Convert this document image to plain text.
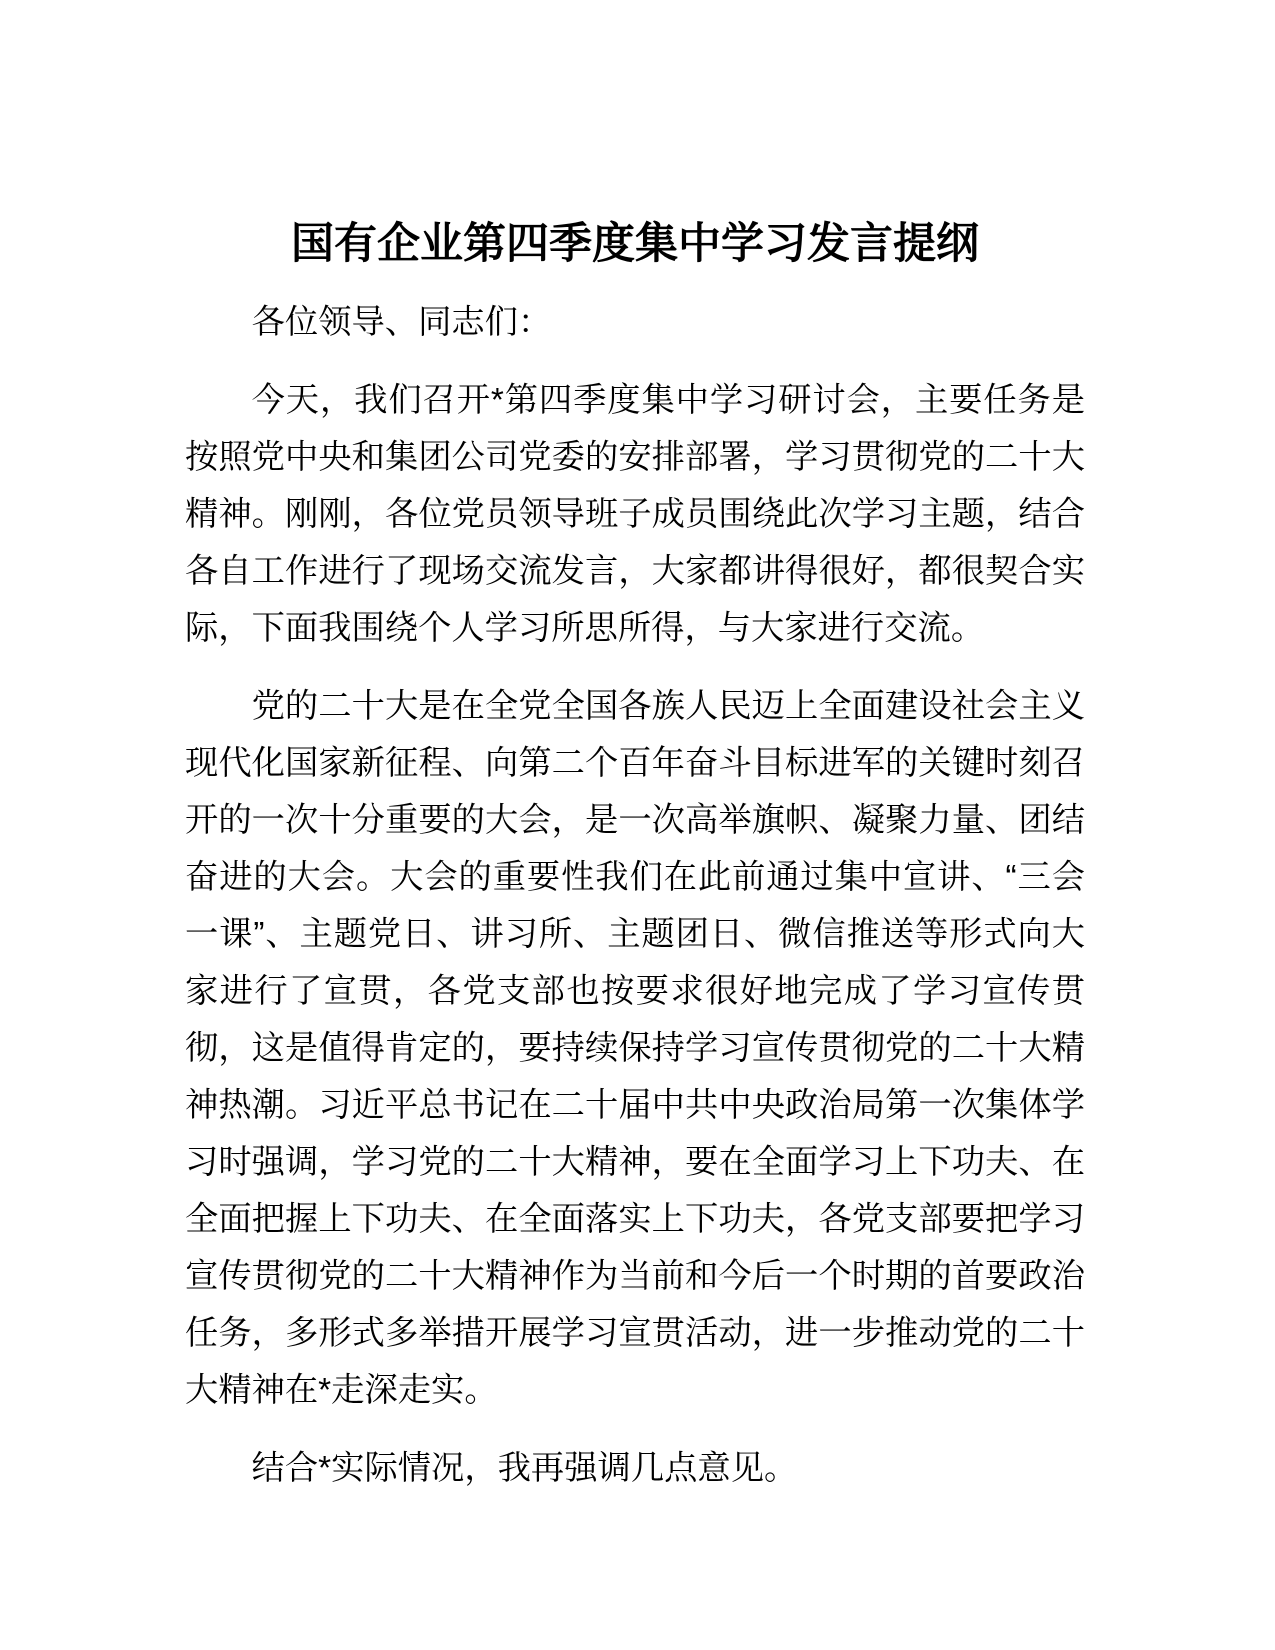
国有企业第四季度集中学习发言提纲

各位领导、同志们：

今天，我们召开*第四季度集中学习研讨会，主要任务是按照党中央和集团公司党委的安排部署，学习贯彻党的二十大精神。刚刚，各位党员领导班子成员围绕此次学习主题，结合各自工作进行了现场交流发言，大家都讲得很好，都很契合实际，下面我围绕个人学习所思所得，与大家进行交流。

党的二十大是在全党全国各族人民迈上全面建设社会主义现代化国家新征程、向第二个百年奋斗目标进军的关键时刻召开的一次十分重要的大会，是一次高举旗帜、凝聚力量、团结奋进的大会。大会的重要性我们在此前通过集中宣讲、“三会一课”、主题党日、讲习所、主题团日、微信推送等形式向大家进行了宣贯，各党支部也按要求很好地完成了学习宣传贯彻，这是值得肯定的，要持续保持学习宣传贯彻党的二十大精神热潮。习近平总书记在二十届中共中央政治局第一次集体学习时强调，学习党的二十大精神，要在全面学习上下功夫、在全面把握上下功夫、在全面落实上下功夫，各党支部要把学习宣传贯彻党的二十大精神作为当前和今后一个时期的首要政治任务，多形式多举措开展学习宣贯活动，进一步推动党的二十大精神在*走深走实。

结合*实际情况，我再强调几点意见。
